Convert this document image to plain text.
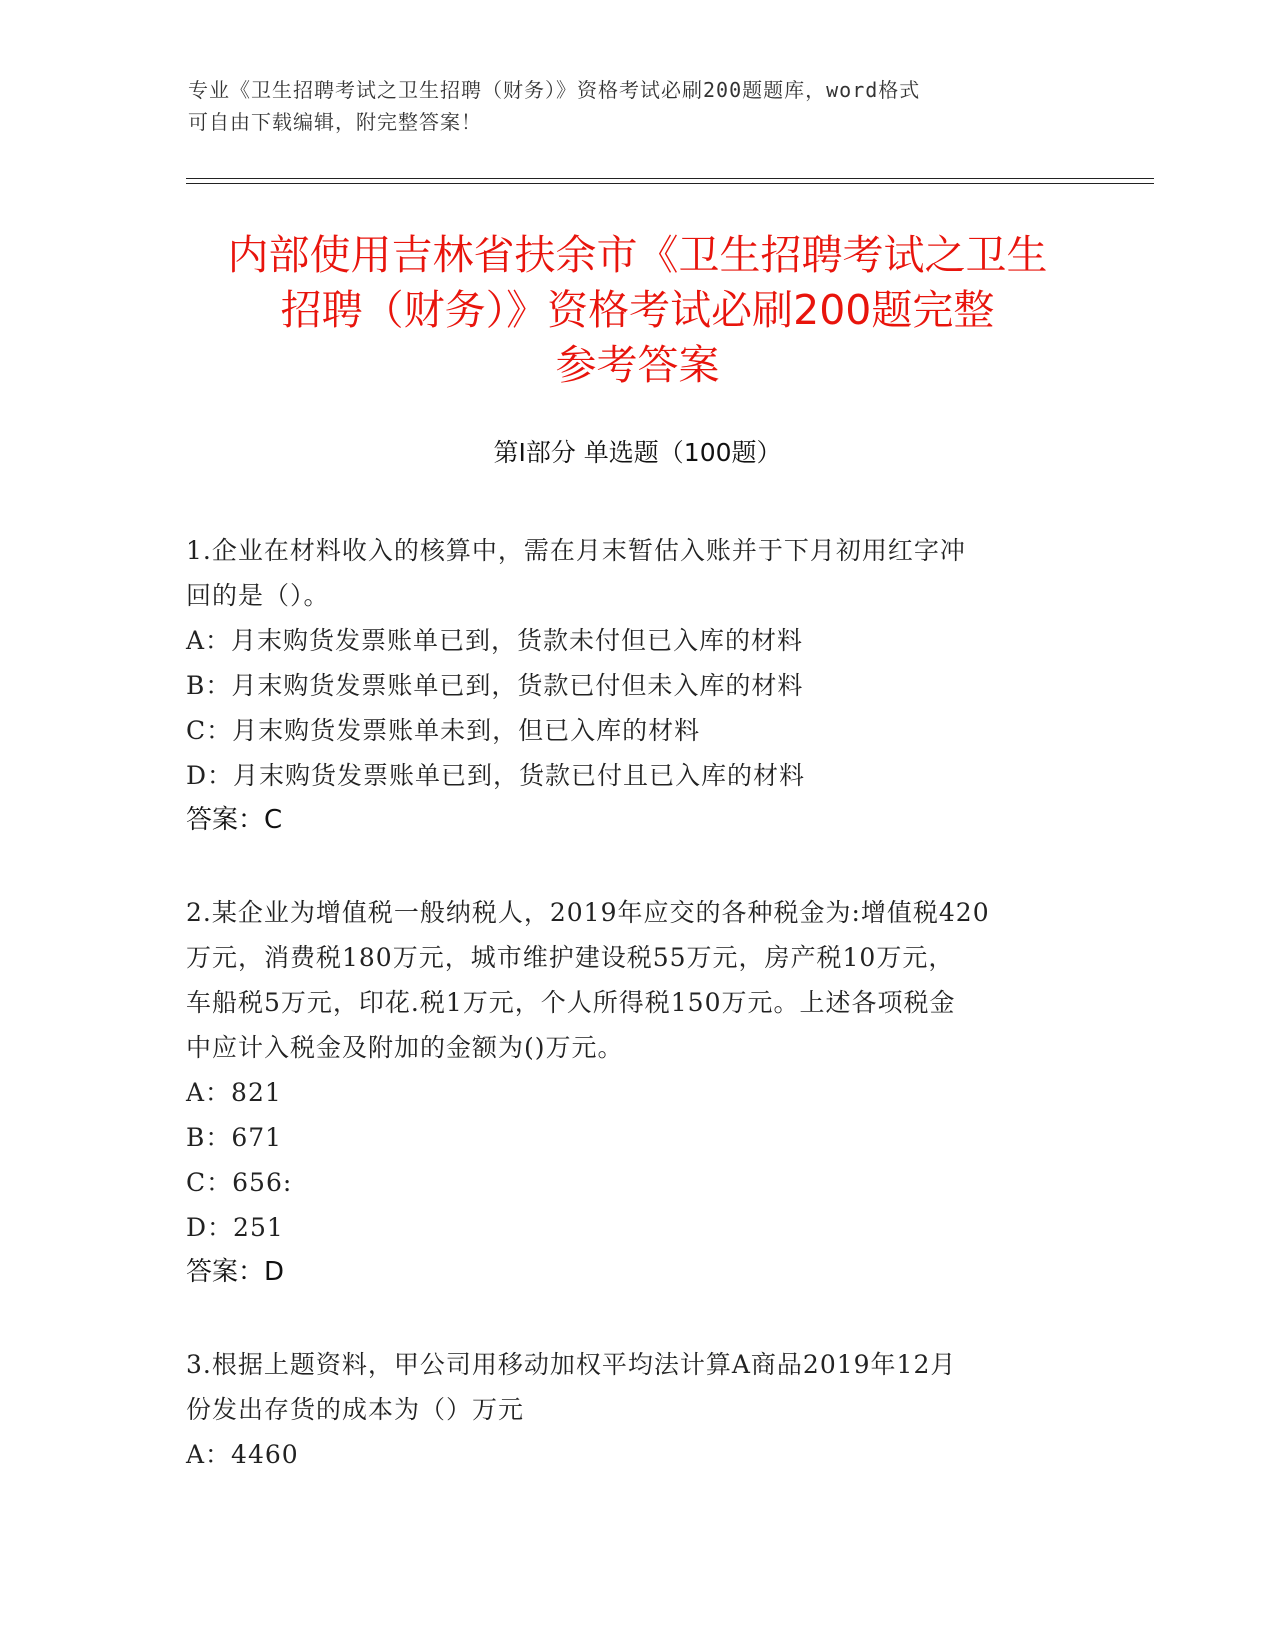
专业《卫生招聘考试之卫生招聘（财务）》资格考试必刷200题题库，word格式

可自由下载编辑，附完整答案！

内部使用吉林省扶余市《卫生招聘考试之卫生

招聘（财务）》资格考试必刷200题完整

参考答案

第I部分 单选题（100题）
1.企业在材料收入的核算中，需在月末暂估入账并于下月初用红字冲
回的是（）。
A：月末购货发票账单已到，货款未付但已入库的材料
B：月末购货发票账单已到，货款已付但未入库的材料
C：月末购货发票账单未到，但已入库的材料
D：月末购货发票账单已到，货款已付且已入库的材料
答案：C
2.某企业为增值税一般纳税人，2019年应交的各种税金为:增值税420
万元，消费税180万元，城市维护建设税55万元，房产税10万元，
车船税5万元，印花.税1万元，个人所得税150万元。上述各项税金
中应计入税金及附加的金额为()万元。
A：821
B：671
C：656:
D：251
答案：D
3.根据上题资料，甲公司用移动加权平均法计算A商品2019年12月
份发出存货的成本为（）万元
A：4460
